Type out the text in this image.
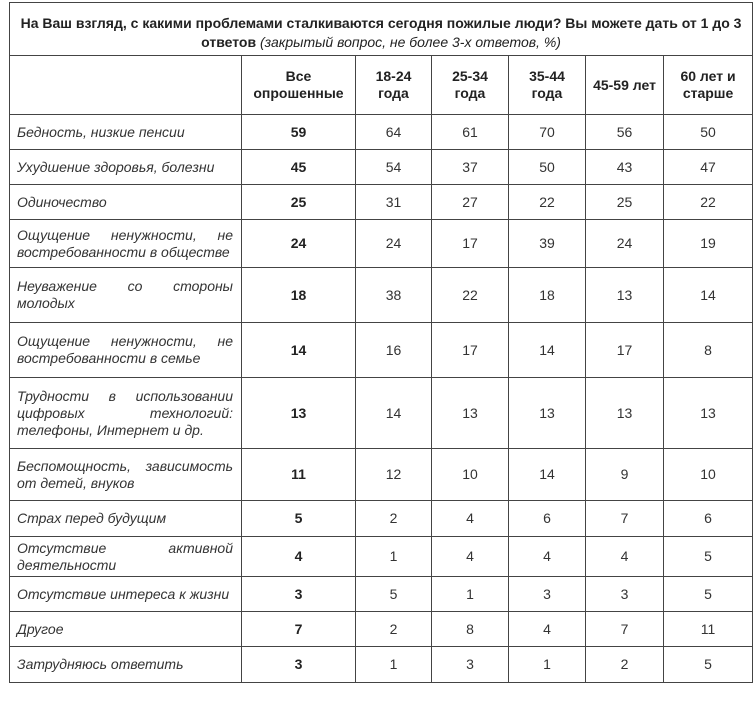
На Ваш взгляд, с какими проблемами сталкиваются сегодня пожилые люди? Вы можете дать от 1 до 3 ответов (закрытый вопрос, не более 3-х ответов, %)						
	Все опрошенные	18-24 года	25-34 года	35-44 года	45-59 лет	60 лет и старше
Бедность, низкие пенсии	59	64	61	70	56	50
Ухудшение здоровья, болезни	45	54	37	50	43	47
Одиночество	25	31	27	22	25	22
Ощущение ненужности, не востребованности в обществе	24	24	17	39	24	19
Неуважение со стороны молодых	18	38	22	18	13	14
Ощущение ненужности, не востребованности в семье	14	16	17	14	17	8
Трудности в использовании цифровых технологий: телефоны, Интернет и др.	13	14	13	13	13	13
Беспомощность, зависимость от детей, внуков	11	12	10	14	9	10
Страх перед будущим	5	2	4	6	7	6
Отсутствие активной деятельности	4	1	4	4	4	5
Отсутствие интереса к жизни	3	5	1	3	3	5
Другое	7	2	8	4	7	11
Затрудняюсь ответить	3	1	3	1	2	5
